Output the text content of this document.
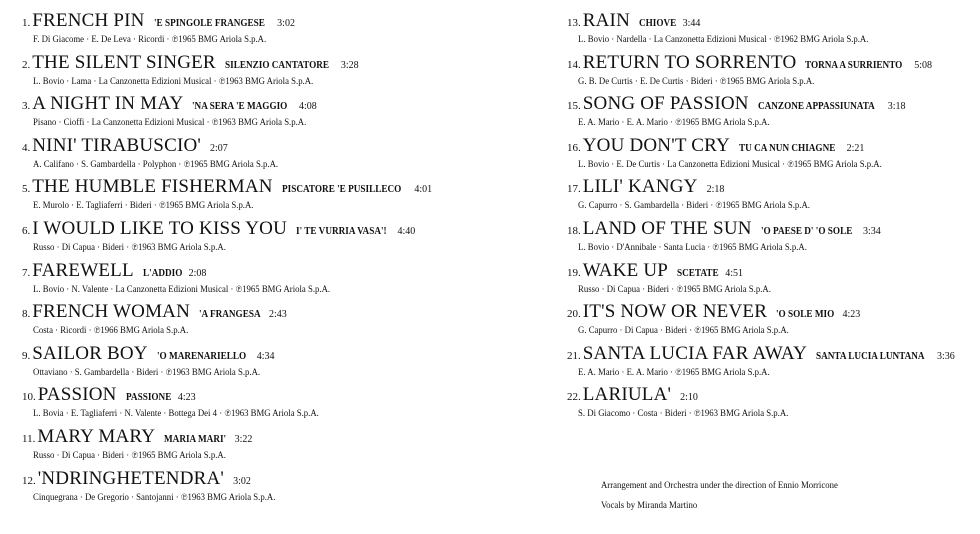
1. FRENCH PIN 'E SPINGOLE FRANGESE 3:02
F. Di Giacome · E. De Leva · Ricordi · ℗1965 BMG Ariola S.p.A.
2. THE SILENT SINGER SILENZIO CANTATORE 3:28
L. Bovio · Lama · La Canzonetta Edizioni Musical · ℗1963 BMG Ariola S.p.A.
3. A NIGHT IN MAY 'NA SERA 'E MAGGIO 4:08
Pisano · Cioffi · La Canzonetta Edizioni Musical · ℗1963 BMG Ariola S.p.A.
4. NINI' TIRABUSCIO' 2:07
A. Califano · S. Gambardella · Polyphon · ℗1965 BMG Ariola S.p.A.
5. THE HUMBLE FISHERMAN PISCATORE 'E PUSILLECO 4:01
E. Murolo · E. Tagliaferri · Bideri · ℗1965 BMG Ariola S.p.A.
6. I WOULD LIKE TO KISS YOU I' TE VURRIA VASA'! 4:40
Russo · Di Capua · Bideri · ℗1963 BMG Ariola S.p.A.
7. FAREWELL L'ADDIO 2:08
L. Bovio · N. Valente · La Canzonetta Edizioni Musical · ℗1965 BMG Ariola S.p.A.
8. FRENCH WOMAN 'A FRANGESA 2:43
Costa · Ricordi · ℗1966 BMG Ariola S.p.A.
9. SAILOR BOY 'O MARENARIELLO 4:34
Ottaviano · S. Gambardella · Bideri · ℗1963 BMG Ariola S.p.A.
10. PASSION PASSIONE 4:23
L. Bovia · E. Tagliaferri · N. Valente · Bottega Dei 4 · ℗1963 BMG Ariola S.p.A.
11. MARY MARY MARIA MARI' 3:22
Russo · Di Capua · Bideri · ℗1965 BMG Ariola S.p.A.
12. 'NDRINGHETENDRA' 3:02
Cinquegrana · De Gregorio · Santojanni · ℗1963 BMG Ariola S.p.A.
13. RAIN CHIOVE 3:44
L. Bovio · Nardella · La Canzonetta Edizioni Musical · ℗1962 BMG Ariola S.p.A.
14. RETURN TO SORRENTO TORNA A SURRIENTO 5:08
G. B. De Curtis · E. De Curtis · Bideri · ℗1965 BMG Ariola S.p.A.
15. SONG OF PASSION CANZONE APPASSIUNATA 3:18
E. A. Mario · E. A. Mario · ℗1965 BMG Ariola S.p.A.
16. YOU DON'T CRY TU CA NUN CHIAGNE 2:21
L. Bovio · E. De Curtis · La Canzonetta Edizioni Musical · ℗1965 BMG Ariola S.p.A.
17. LILI' KANGY 2:18
G. Capurro · S. Gambardella · Bideri · ℗1965 BMG Ariola S.p.A.
18. LAND OF THE SUN 'O PAESE D' 'O SOLE 3:34
L. Bovio · D'Annibale · Santa Lucia · ℗1965 BMG Ariola S.p.A.
19. WAKE UP SCETATE 4:51
Russo · Di Capua · Bideri · ℗1965 BMG Ariola S.p.A.
20. IT'S NOW OR NEVER 'O SOLE MIO 4:23
G. Capurro · Di Capua · Bideri · ℗1965 BMG Ariola S.p.A.
21. SANTA LUCIA FAR AWAY SANTA LUCIA LUNTANA 3:36
E. A. Mario · E. A. Mario · ℗1965 BMG Ariola S.p.A.
22. LARIULA' 2:10
S. Di Giacomo · Costa · Bideri · ℗1963 BMG Ariola S.p.A.
Arrangement and Orchestra under the direction of Ennio Morricone
Vocals by Miranda Martino
